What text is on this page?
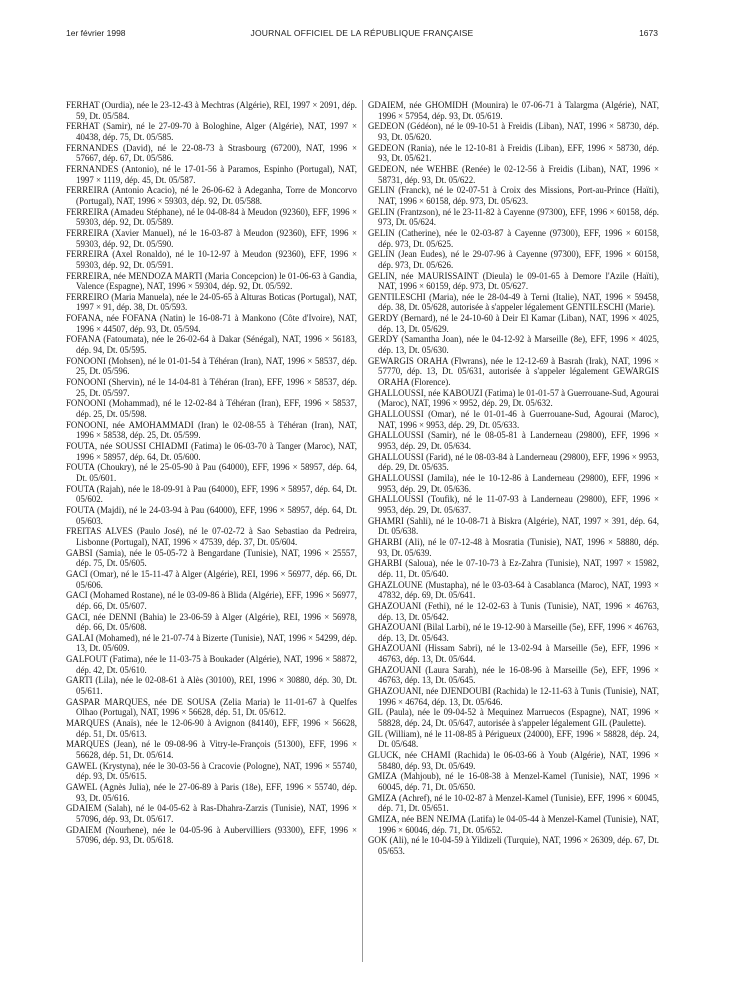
1er février 1998	JOURNAL OFFICIEL DE LA RÉPUBLIQUE FRANÇAISE	1673

FERHAT (Ourdia), née le 23-12-43 à Mechtras (Algérie), REI, 1997 × 2091, dép. 59, Dt. 05/584.

FERHAT (Samir), né le 27-09-70 à Bologhine, Alger (Algérie), NAT, 1997 × 40438, dép. 75, Dt. 05/585.

FERNANDES (David), né le 22-08-73 à Strasbourg (67200), NAT, 1996 × 57667, dép. 67, Dt. 05/586.

FERNANDES (Antonio), né le 17-01-56 à Paramos, Espinho (Portugal), NAT, 1997 × 1119, dép. 45, Dt. 05/587.

FERREIRA (Antonio Acacio), né le 26-06-62 à Adeganha, Torre de Moncorvo (Portugal), NAT, 1996 × 59303, dép. 92, Dt. 05/588.

FERREIRA (Amadeu Stéphane), né le 04-08-84 à Meudon (92360), EFF, 1996 × 59303, dép. 92, Dt. 05/589.

FERREIRA (Xavier Manuel), né le 16-03-87 à Meudon (92360), EFF, 1996 × 59303, dép. 92, Dt. 05/590.

FERREIRA (Axel Ronaldo), né le 10-12-97 à Meudon (92360), EFF, 1996 × 59303, dép. 92, Dt. 05/591.

FERREIRA, née MENDOZA MARTI (Maria Concepcion) le 01-06-63 à Gandia, Valence (Espagne), NAT, 1996 × 59304, dép. 92, Dt. 05/592.

FERREIRO (Maria Manuela), née le 24-05-65 à Alturas Boticas (Portugal), NAT, 1997 × 91, dép. 38, Dt. 05/593.

FOFANA, née FOFANA (Natin) le 16-08-71 à Mankono (Côte d'Ivoire), NAT, 1996 × 44507, dép. 93, Dt. 05/594.

FOFANA (Fatoumata), née le 26-02-64 à Dakar (Sénégal), NAT, 1996 × 56183, dép. 94, Dt. 05/595.

FONOONI (Mohsen), né le 01-01-54 à Téhéran (Iran), NAT, 1996 × 58537, dép. 25, Dt. 05/596.

FONOONI (Shervin), né le 14-04-81 à Téhéran (Iran), EFF, 1996 × 58537, dép. 25, Dt. 05/597.

FONOONI (Mohammad), né le 12-02-84 à Téhéran (Iran), EFF, 1996 × 58537, dép. 25, Dt. 05/598.

FONOONI, née AMOHAMMADI (Iran) le 02-08-55 à Téhéran (Iran), NAT, 1996 × 58538, dép. 25, Dt. 05/599.

FOUTA, née SOUSSI CHIADMI (Fatima) le 06-03-70 à Tanger (Maroc), NAT, 1996 × 58957, dép. 64, Dt. 05/600.

FOUTA (Choukry), né le 25-05-90 à Pau (64000), EFF, 1996 × 58957, dép. 64, Dt. 05/601.

FOUTA (Rajah), née le 18-09-91 à Pau (64000), EFF, 1996 × 58957, dép. 64, Dt. 05/602.

FOUTA (Majdi), né le 24-03-94 à Pau (64000), EFF, 1996 × 58957, dép. 64, Dt. 05/603.

FREITAS ALVES (Paulo José), né le 07-02-72 à Sao Sebastiao da Pedreira, Lisbonne (Portugal), NAT, 1996 × 47539, dép. 37, Dt. 05/604.

GABSI (Samia), née le 05-05-72 à Bengardane (Tunisie), NAT, 1996 × 25557, dép. 75, Dt. 05/605.

GACI (Omar), né le 15-11-47 à Alger (Algérie), REI, 1996 × 56977, dép. 66, Dt. 05/606.

GACI (Mohamed Rostane), né le 03-09-86 à Blida (Algérie), EFF, 1996 × 56977, dép. 66, Dt. 05/607.

GACI, née DENNI (Bahia) le 23-06-59 à Alger (Algérie), REI, 1996 × 56978, dép. 66, Dt. 05/608.

GALAI (Mohamed), né le 21-07-74 à Bizerte (Tunisie), NAT, 1996 × 54299, dép. 13, Dt. 05/609.

GALFOUT (Fatima), née le 11-03-75 à Boukader (Algérie), NAT, 1996 × 58872, dép. 42, Dt. 05/610.

GARTI (Lila), née le 02-08-61 à Alès (30100), REI, 1996 × 30880, dép. 30, Dt. 05/611.

GASPAR MARQUES, née DE SOUSA (Zelia Maria) le 11-01-67 à Quelfes Olhao (Portugal), NAT, 1996 × 56628, dép. 51, Dt. 05/612.

MARQUES (Anaïs), née le 12-06-90 à Avignon (84140), EFF, 1996 × 56628, dép. 51, Dt. 05/613.

MARQUES (Jean), né le 09-08-96 à Vitry-le-François (51300), EFF, 1996 × 56628, dép. 51, Dt. 05/614.

GAWEL (Krystyna), née le 30-03-56 à Cracovie (Pologne), NAT, 1996 × 55740, dép. 93, Dt. 05/615.

GAWEL (Agnès Julia), née le 27-06-89 à Paris (18e), EFF, 1996 × 55740, dép. 93, Dt. 05/616.

GDAIEM (Salah), né le 04-05-62 à Ras-Dhahra-Zarzis (Tunisie), NAT, 1996 × 57096, dép. 93, Dt. 05/617.

GDAIEM (Nourhene), née le 04-05-96 à Aubervilliers (93300), EFF, 1996 × 57096, dép. 93, Dt. 05/618.

GDAIEM, née GHOMIDH (Mounira) le 07-06-71 à Talargma (Algérie), NAT, 1996 × 57954, dép. 93, Dt. 05/619.

GEDEON (Gédéon), né le 09-10-51 à Freidis (Liban), NAT, 1996 × 58730, dép. 93, Dt. 05/620.

GEDEON (Rania), née le 12-10-81 à Freidis (Liban), EFF, 1996 × 58730, dép. 93, Dt. 05/621.

GEDEON, née WEHBE (Renée) le 02-12-56 à Freidis (Liban), NAT, 1996 × 58731, dép. 93, Dt. 05/622.

GELIN (Franck), né le 02-07-51 à Croix des Missions, Port-au-Prince (Haïti), NAT, 1996 × 60158, dép. 973, Dt. 05/623.

GELIN (Frantzson), né le 23-11-82 à Cayenne (97300), EFF, 1996 × 60158, dép. 973, Dt. 05/624.

GELIN (Catherine), née le 02-03-87 à Cayenne (97300), EFF, 1996 × 60158, dép. 973, Dt. 05/625.

GELIN (Jean Eudes), né le 29-07-96 à Cayenne (97300), EFF, 1996 × 60158, dép. 973, Dt. 05/626.

GELIN, née MAURISSAINT (Dieula) le 09-01-65 à Demore l'Azile (Haïti), NAT, 1996 × 60159, dép. 973, Dt. 05/627.

GENTILESCHI (Maria), née le 28-04-49 à Terni (Italie), NAT, 1996 × 59458, dép. 38, Dt. 05/628, autorisée à s'appeler légalement GENTILESCHI (Marie).

GERDY (Bernard), né le 24-10-60 à Deir El Kamar (Liban), NAT, 1996 × 4025, dép. 13, Dt. 05/629.

GERDY (Samantha Joan), née le 04-12-92 à Marseille (8e), EFF, 1996 × 4025, dép. 13, Dt. 05/630.

GEWARGIS ORAHA (Flwrans), née le 12-12-69 à Basrah (Irak), NAT, 1996 × 57770, dép. 13, Dt. 05/631, autorisée à s'appeler légalement GEWARGIS ORAHA (Florence).

GHALLOUSSI, née KABOUZI (Fatima) le 01-01-57 à Guerrouane-Sud, Agourai (Maroc), NAT, 1996 × 9952, dép. 29, Dt. 05/632.

GHALLOUSSI (Omar), né le 01-01-46 à Guerrouane-Sud, Agourai (Maroc), NAT, 1996 × 9953, dép. 29, Dt. 05/633.

GHALLOUSSI (Samir), né le 08-05-81 à Landerneau (29800), EFF, 1996 × 9953, dép. 29, Dt. 05/634.

GHALLOUSSI (Farid), né le 08-03-84 à Landerneau (29800), EFF, 1996 × 9953, dép. 29, Dt. 05/635.

GHALLOUSSI (Jamila), née le 10-12-86 à Landerneau (29800), EFF, 1996 × 9953, dép. 29, Dt. 05/636.

GHALLOUSSI (Toufik), né le 11-07-93 à Landerneau (29800), EFF, 1996 × 9953, dép. 29, Dt. 05/637.

GHAMRI (Sahli), né le 10-08-71 à Biskra (Algérie), NAT, 1997 × 391, dép. 64, Dt. 05/638.

GHARBI (Ali), né le 07-12-48 à Mosratia (Tunisie), NAT, 1996 × 58880, dép. 93, Dt. 05/639.

GHARBI (Saloua), née le 07-10-73 à Ez-Zahra (Tunisie), NAT, 1997 × 15982, dép. 11, Dt. 05/640.

GHAZLOUNE (Mustapha), né le 03-03-64 à Casablanca (Maroc), NAT, 1993 × 47832, dép. 69, Dt. 05/641.

GHAZOUANI (Fethi), né le 12-02-63 à Tunis (Tunisie), NAT, 1996 × 46763, dép. 13, Dt. 05/642.

GHAZOUANI (Bilal Larbi), né le 19-12-90 à Marseille (5e), EFF, 1996 × 46763, dép. 13, Dt. 05/643.

GHAZOUANI (Hissam Sabri), né le 13-02-94 à Marseille (5e), EFF, 1996 × 46763, dép. 13, Dt. 05/644.

GHAZOUANI (Laura Sarah), née le 16-08-96 à Marseille (5e), EFF, 1996 × 46763, dép. 13, Dt. 05/645.

GHAZOUANI, née DJENDOUBI (Rachida) le 12-11-63 à Tunis (Tunisie), NAT, 1996 × 46764, dép. 13, Dt. 05/646.

GIL (Paula), née le 09-04-52 à Mequinez Marruecos (Espagne), NAT, 1996 × 58828, dép. 24, Dt. 05/647, autorisée à s'appeler légalement GIL (Paulette).

GIL (William), né le 11-08-85 à Périgueux (24000), EFF, 1996 × 58828, dép. 24, Dt. 05/648.

GLUCK, née CHAMI (Rachida) le 06-03-66 à Youb (Algérie), NAT, 1996 × 58480, dép. 93, Dt. 05/649.

GMIZA (Mahjoub), né le 16-08-38 à Menzel-Kamel (Tunisie), NAT, 1996 × 60045, dép. 71, Dt. 05/650.

GMIZA (Achref), né le 10-02-87 à Menzel-Kamel (Tunisie), EFF, 1996 × 60045, dép. 71, Dt. 05/651.

GMIZA, née BEN NEJMA (Latifa) le 04-05-44 à Menzel-Kamel (Tunisie), NAT, 1996 × 60046, dép. 71, Dt. 05/652.

GOK (Ali), né le 10-04-59 à Yildizeli (Turquie), NAT, 1996 × 26309, dép. 67, Dt. 05/653.
